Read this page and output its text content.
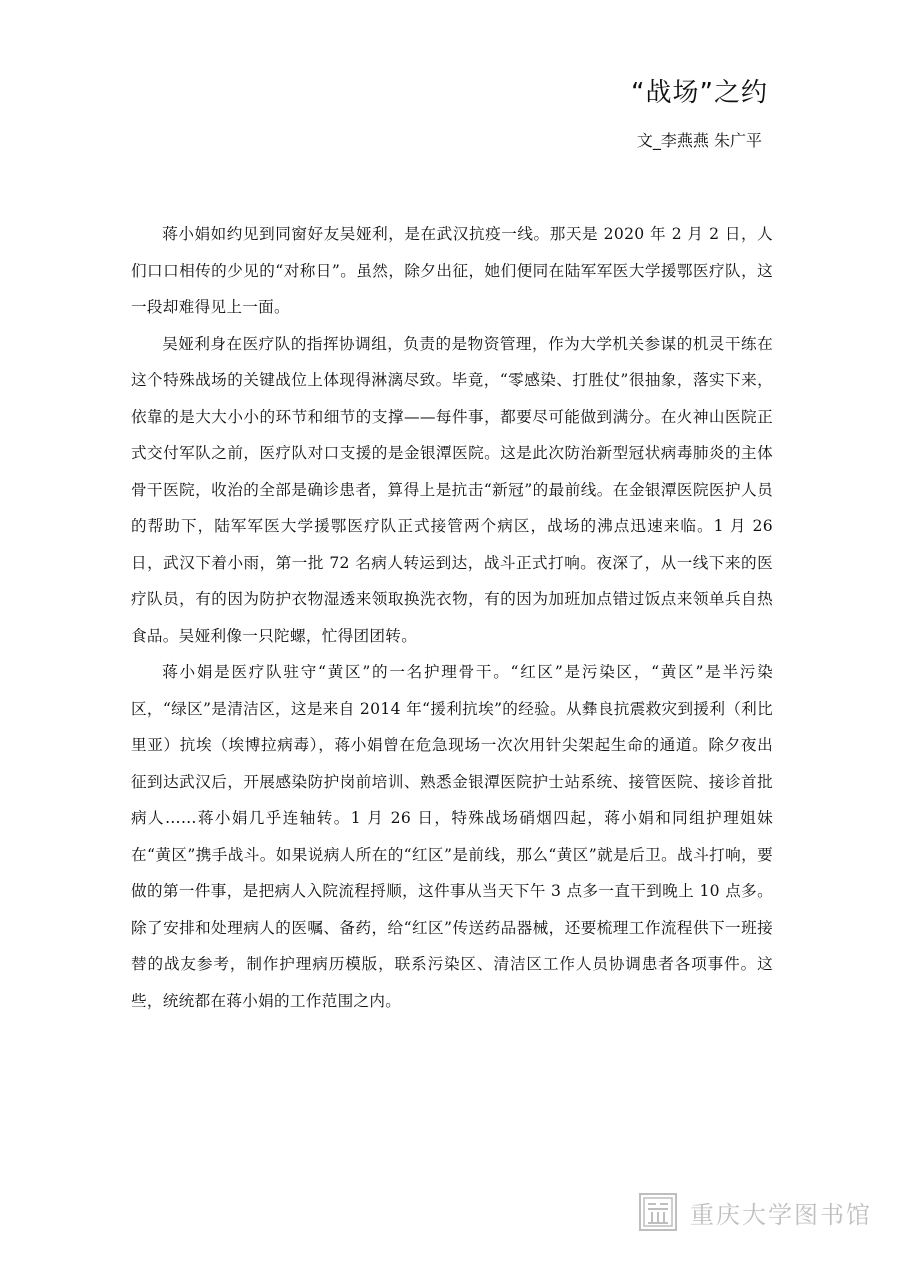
“战场”之约
文_李燕燕 朱广平

蒋小娟如约见到同窗好友吴娅利，是在武汉抗疫一线。那天是 2020 年 2 月 2 日，人们口口相传的少见的“对称日”。虽然，除夕出征，她们便同在陆军军医大学援鄂医疗队，这一段却难得见上一面。

吴娅利身在医疗队的指挥协调组，负责的是物资管理，作为大学机关参谋的机灵干练在这个特殊战场的关键战位上体现得淋漓尽致。毕竟，“零感染、打胜仗”很抽象，落实下来，依靠的是大大小小的环节和细节的支撑——每件事，都要尽可能做到满分。在火神山医院正式交付军队之前，医疗队对口支援的是金银潭医院。这是此次防治新型冠状病毒肺炎的主体骨干医院，收治的全部是确诊患者，算得上是抗击“新冠”的最前线。在金银潭医院医护人员的帮助下，陆军军医大学援鄂医疗队正式接管两个病区，战场的沸点迅速来临。1 月 26 日，武汉下着小雨，第一批 72 名病人转运到达，战斗正式打响。夜深了，从一线下来的医疗队员，有的因为防护衣物湿透来领取换洗衣物，有的因为加班加点错过饭点来领单兵自热食品。吴娅利像一只陀螺，忙得团团转。

蒋小娟是医疗队驻守“黄区”的一名护理骨干。“红区”是污染区，“黄区”是半污染区，“绿区”是清洁区，这是来自 2014 年“援利抗埃”的经验。从彝良抗震救灾到援利（利比里亚）抗埃（埃博拉病毒），蒋小娟曾在危急现场一次次用针尖架起生命的通道。除夕夜出征到达武汉后，开展感染防护岗前培训、熟悉金银潭医院护士站系统、接管医院、接诊首批病人……蒋小娟几乎连轴转。1 月 26 日，特殊战场硝烟四起，蒋小娟和同组护理姐妹在“黄区”携手战斗。如果说病人所在的“红区”是前线，那么“黄区”就是后卫。战斗打响，要做的第一件事，是把病人入院流程捋顺，这件事从当天下午 3 点多一直干到晚上 10 点多。除了安排和处理病人的医嘱、备药，给“红区”传送药品器械，还要梳理工作流程供下一班接替的战友参考，制作护理病历模版，联系污染区、清洁区工作人员协调患者各项事件。这些，统统都在蒋小娟的工作范围之内。

重庆大学图书馆
